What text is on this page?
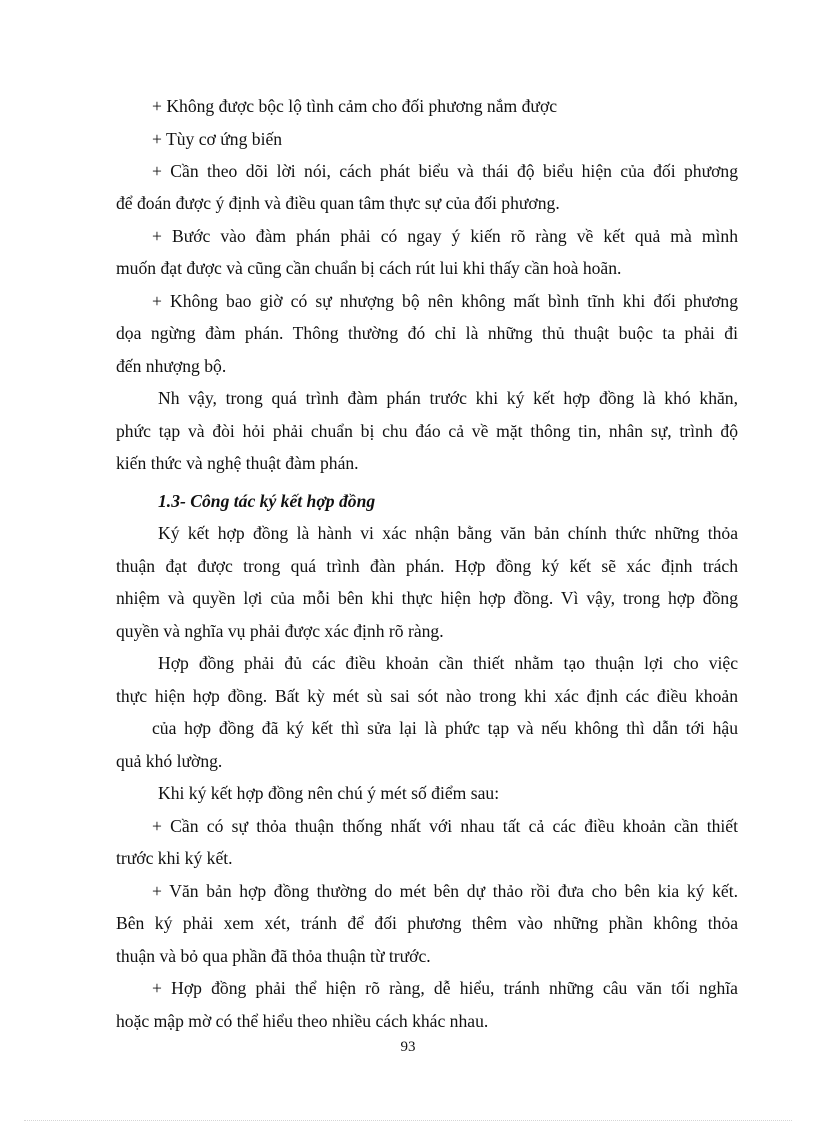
+ Không được bộc lộ tình cảm cho đối phương nắm được
+ Tùy cơ ứng biến
+ Cần theo dõi lời nói, cách phát biểu và thái độ biểu hiện của đối phương
để đoán được ý định và điều quan tâm thực sự của đối phương.
+ Bước vào đàm phán phải có ngay ý kiến rõ ràng về kết quả mà mình
muốn đạt được và cũng cần chuẩn bị cách rút lui khi thấy cần hoà hoãn.
+ Không bao giờ có sự nhượng bộ nên không mất bình tĩnh khi đối phương
dọa ngừng đàm phán. Thông thường đó chỉ là những thủ thuật buộc ta phải đi
đến nhượng bộ.
Nh vậy, trong quá trình đàm phán trước khi ký kết hợp đồng là khó khăn,
phức tạp và đòi hỏi phải chuẩn bị chu đáo cả về mặt thông tin, nhân sự, trình độ
kiến thức và nghệ thuật đàm phán.
1.3- Công tác ký kết hợp đồng
Ký kết hợp đồng là hành vi xác nhận bằng văn bản chính thức những thỏa
thuận đạt được trong quá trình đàn phán. Hợp đồng ký kết sẽ xác định trách
nhiệm và quyền lợi của mỗi bên khi thực hiện hợp đồng. Vì vậy, trong hợp đồng
quyền và nghĩa vụ phải được xác định rõ ràng.
Hợp đồng phải đủ các điều khoản cần thiết nhằm tạo thuận lợi cho việc
thực hiện hợp đồng. Bất kỳ mét sù sai sót nào trong khi xác định các điều khoản
của hợp đồng đã ký kết thì sửa lại là phức tạp và nếu không thì dẫn tới hậu
quả khó lường.
Khi ký kết hợp đồng nên chú ý mét số điểm sau:
+ Cần có sự thỏa thuận thống nhất với nhau tất cả các điều khoản cần thiết
trước khi ký kết.
+ Văn bản hợp đồng thường do mét bên dự thảo rồi đưa cho bên kia ký kết.
Bên ký phải xem xét, tránh để đối phương thêm vào những phần không thỏa
thuận và bỏ qua phần đã thỏa thuận từ trước.
+ Hợp đồng phải thể hiện rõ ràng, dễ hiểu, tránh những câu văn tối nghĩa
hoặc mập mờ có thể hiểu theo nhiều cách khác nhau.
93
